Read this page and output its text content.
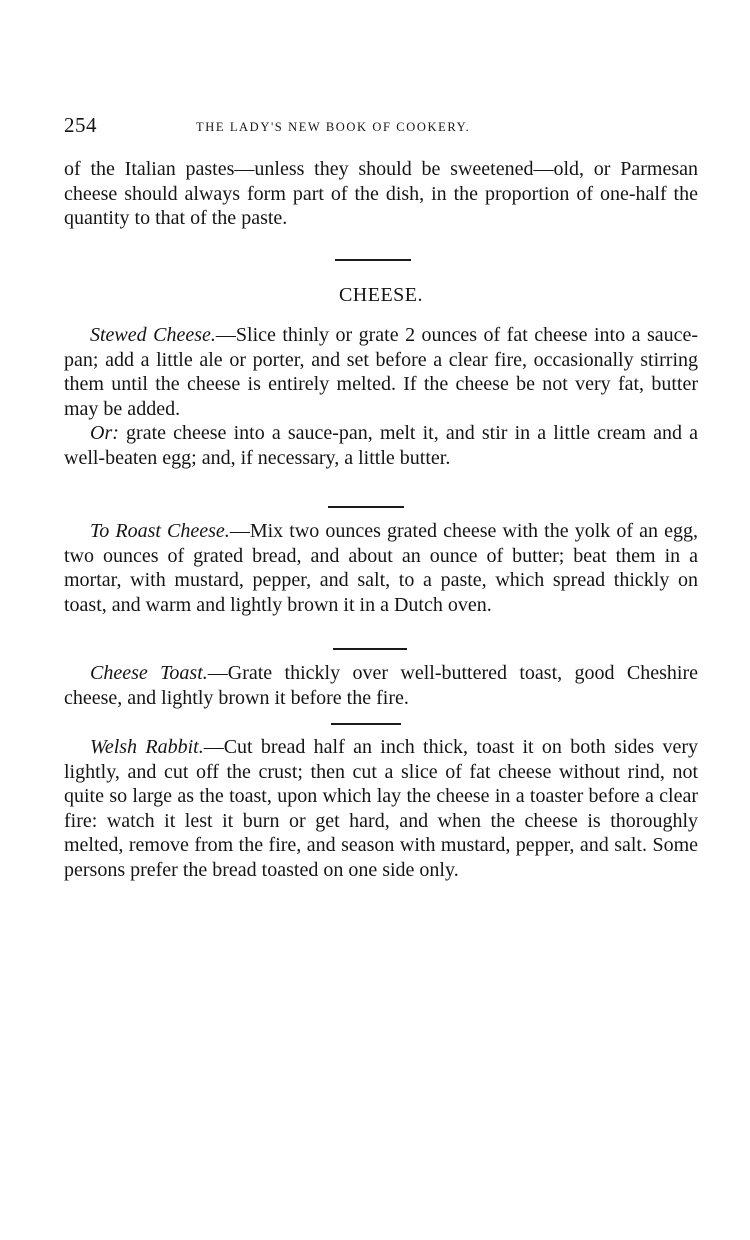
254	THE LADY'S NEW BOOK OF COOKERY.

of the Italian pastes—unless they should be sweetened—old, or Parmesan cheese should always form part of the dish, in the proportion of one-half the quantity to that of the paste.

CHEESE.

Stewed Cheese.—Slice thinly or grate 2 ounces of fat cheese into a sauce-pan; add a little ale or porter, and set before a clear fire, occasionally stirring them until the cheese is entirely melted. If the cheese be not very fat, butter may be added.

Or: grate cheese into a sauce-pan, melt it, and stir in a little cream and a well-beaten egg; and, if necessary, a little butter.

To Roast Cheese.—Mix two ounces grated cheese with the yolk of an egg, two ounces of grated bread, and about an ounce of butter; beat them in a mortar, with mustard, pepper, and salt, to a paste, which spread thickly on toast, and warm and lightly brown it in a Dutch oven.

Cheese Toast.—Grate thickly over well-buttered toast, good Cheshire cheese, and lightly brown it before the fire.

Welsh Rabbit.—Cut bread half an inch thick, toast it on both sides very lightly, and cut off the crust; then cut a slice of fat cheese without rind, not quite so large as the toast, upon which lay the cheese in a toaster before a clear fire: watch it lest it burn or get hard, and when the cheese is thoroughly melted, remove from the fire, and season with mustard, pepper, and salt. Some persons prefer the bread toasted on one side only.
